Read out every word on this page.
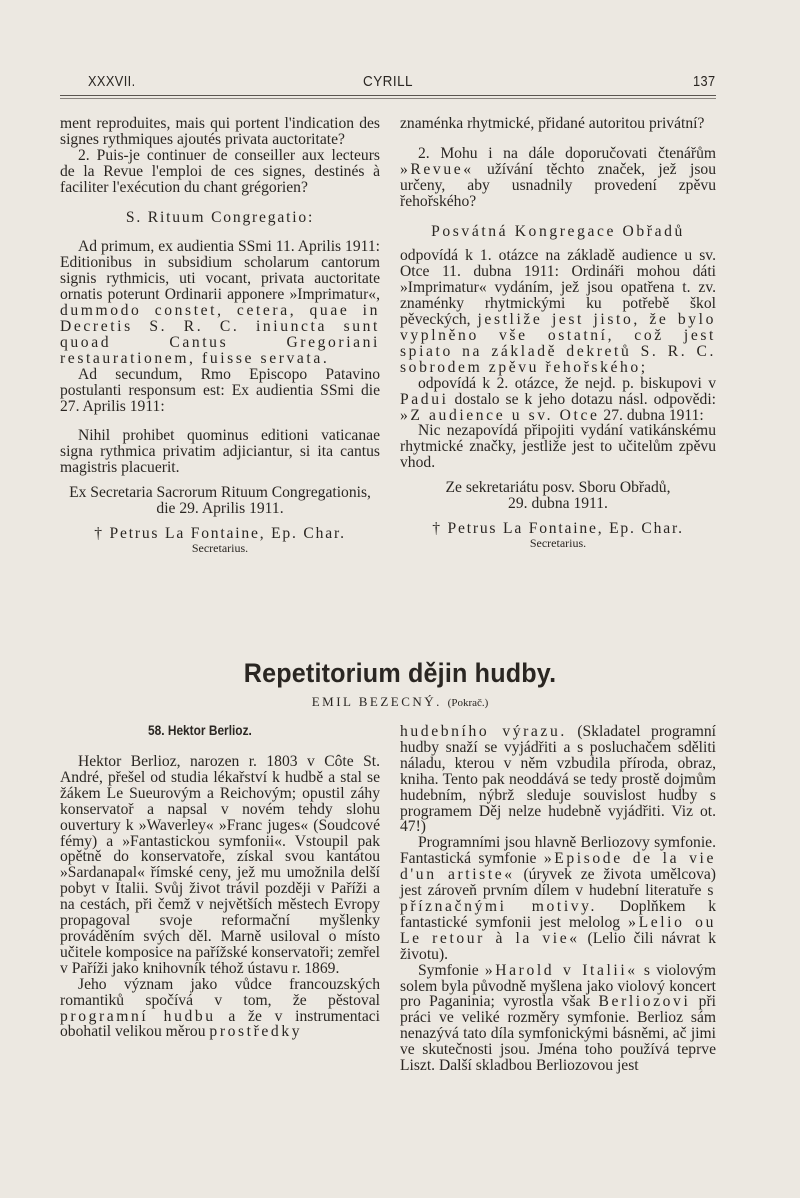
XXXVII.	CYRILL	137

ment reproduites, mais qui portent l'indication des signes rythmiques ajoutés privata auctoritate?

2. Puis-je continuer de conseiller aux lecteurs de la Revue l'emploi de ces signes, destinés à faciliter l'exécution du chant grégorien?

S. Rituum Congregatio:

Ad primum, ex audientia SSmi 11. Aprilis 1911: Editionibus in subsidium scholarum cantorum signis rythmicis, uti vocant, privata auctoritate ornatis poterunt Ordinarii apponere »Imprimatur«, dummodo constet, cetera, quae in Decretis S. R. C. iniuncta sunt quoad Cantus Gregoriani restaurationem, fuisse servata.

Ad secundum, Rmo Episcopo Patavino postulanti responsum est: Ex audientia SSmi die 27. Aprilis 1911:

Nihil prohibet quominus editioni vaticanae signa rythmica privatim adjiciantur, si ita cantus magistris placuerit.

Ex Secretaria Sacrorum Rituum Congregationis, die 29. Aprilis 1911.

† Petrus La Fontaine, Ep. Char.

Secretarius.

znaménka rhytmické, přidané autoritou privátní?

2. Mohu i na dále doporučovati čtenářům »Revue« užívání těchto značek, jež jsou určeny, aby usnadnily provedení zpěvu řehořského?

Posvátná Kongregace Obřadů

odpovídá k 1. otázce na základě audience u sv. Otce 11. dubna 1911: Ordináři mohou dáti »Imprimatur« vydáním, jež jsou opatřena t. zv. znaménky rhytmickými ku potřebě škol pěveckých, jestliže jest jisto, že bylo vyplněno vše ostatní, což jest spiato na základě dekretů S. R. C. sobrodem zpěvu řehořského;

odpovídá k 2. otázce, že nejd. p. biskupovi v Padui dostalo se k jeho dotazu násl. odpovědi: »Z audience u sv. Otce 27. dubna 1911:

Nic nezapovídá připojiti vydání vatikánskému rhytmické značky, jestliže jest to učitelům zpěvu vhod.

Ze sekretariátu posv. Sboru Obřadů,

29. dubna 1911.

† Petrus La Fontaine, Ep. Char.

Secretarius.

Repetitorium dějin hudby.
EMIL BEZECNÝ. (Pokrač.)
58. Hektor Berlioz.

Hektor Berlioz, narozen r. 1803 v Côte St. André, přešel od studia lékařství k hudbě a stal se žákem Le Sueurovým a Reichovým; opustil záhy konservatoř a napsal v novém tehdy slohu ouvertury k »Waverley« »Franc juges« (Soudcové fémy) a »Fantastickou symfonii«. Vstoupil pak opětně do konservatoře, získal svou kantátou »Sardanapal« římské ceny, jež mu umožnila delší pobyt v Italii. Svůj život trávil později v Paříži a na cestách, při čemž v největších městech Evropy propagoval svoje reformační myšlenky prováděním svých děl. Marně usiloval o místo učitele komposice na pařížské konservatoři; zemřel v Paříži jako knihovník téhož ústavu r. 1869.

Jeho význam jako vůdce francouzských romantiků spočívá v tom, že pěstoval programní hudbu a že v instrumentaci obohatil velikou měrou prostředky

hudebního výrazu. (Skladatel programní hudby snaží se vyjádřiti a s posluchačem sděliti náladu, kterou v něm vzbudila příroda, obraz, kniha. Tento pak neoddává se tedy prostě dojmům hudebním, nýbrž sleduje souvislost hudby s programem Děj nelze hudebně vyjádřiti. Viz ot. 47!)

Programními jsou hlavně Berliozovy symfonie. Fantastická symfonie »Episode de la vie d'un artiste« (úryvek ze života umělcova) jest zároveň prvním dílem v hudební literatuře s příznačnými motivy. Doplňkem k fantastické symfonii jest melolog »Lelio ou Le retour à la vie« (Lelio čili návrat k životu).

Symfonie »Harold v Italii« s violovým solem byla původně myšlena jako violový koncert pro Paganinia; vyrostla však Berliozovi při práci ve veliké rozměry symfonie. Berlioz sám nenazývá tato díla symfonickými básněmi, ač jimi ve skutečnosti jsou. Jména toho používá teprve Liszt. Další skladbou Berliozovou jest
